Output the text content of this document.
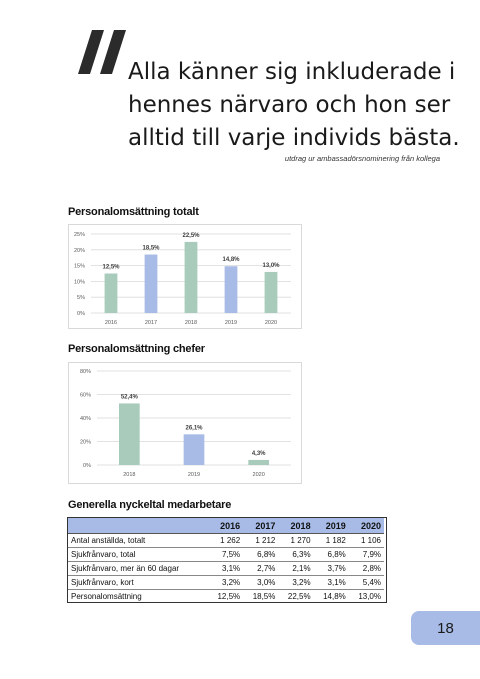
Alla känner sig inkluderade i hennes närvaro och hon ser alltid till varje individs bästa.

utdrag ur ambassadörsnominering från kollega
Personalomsättning totalt
0%
5%
10%
15%
20%
25%
12,5%
2016
18,5%
2017
22,5%
2018
14,8%
2019
13,0%
2020
Personalomsättning chefer
0%
20%
40%
60%
80%
52,4%
2018
26,1%
2019
4,3%
2020
Generella nyckeltal medarbetare
	2016	2017	2018	2019	2020
Antal anställda, totalt	1 262	1 212	1 270	1 182	1 106
Sjukfrånvaro, total	7,5%	6,8%	6,3%	6,8%	7,9%
Sjukfrånvaro, mer än 60 dagar	3,1%	2,7%	2,1%	3,7%	2,8%
Sjukfrånvaro, kort	3,2%	3,0%	3,2%	3,1%	5,4%
Personalomsättning	12,5%	18,5%	22,5%	14,8%	13,0%
18
